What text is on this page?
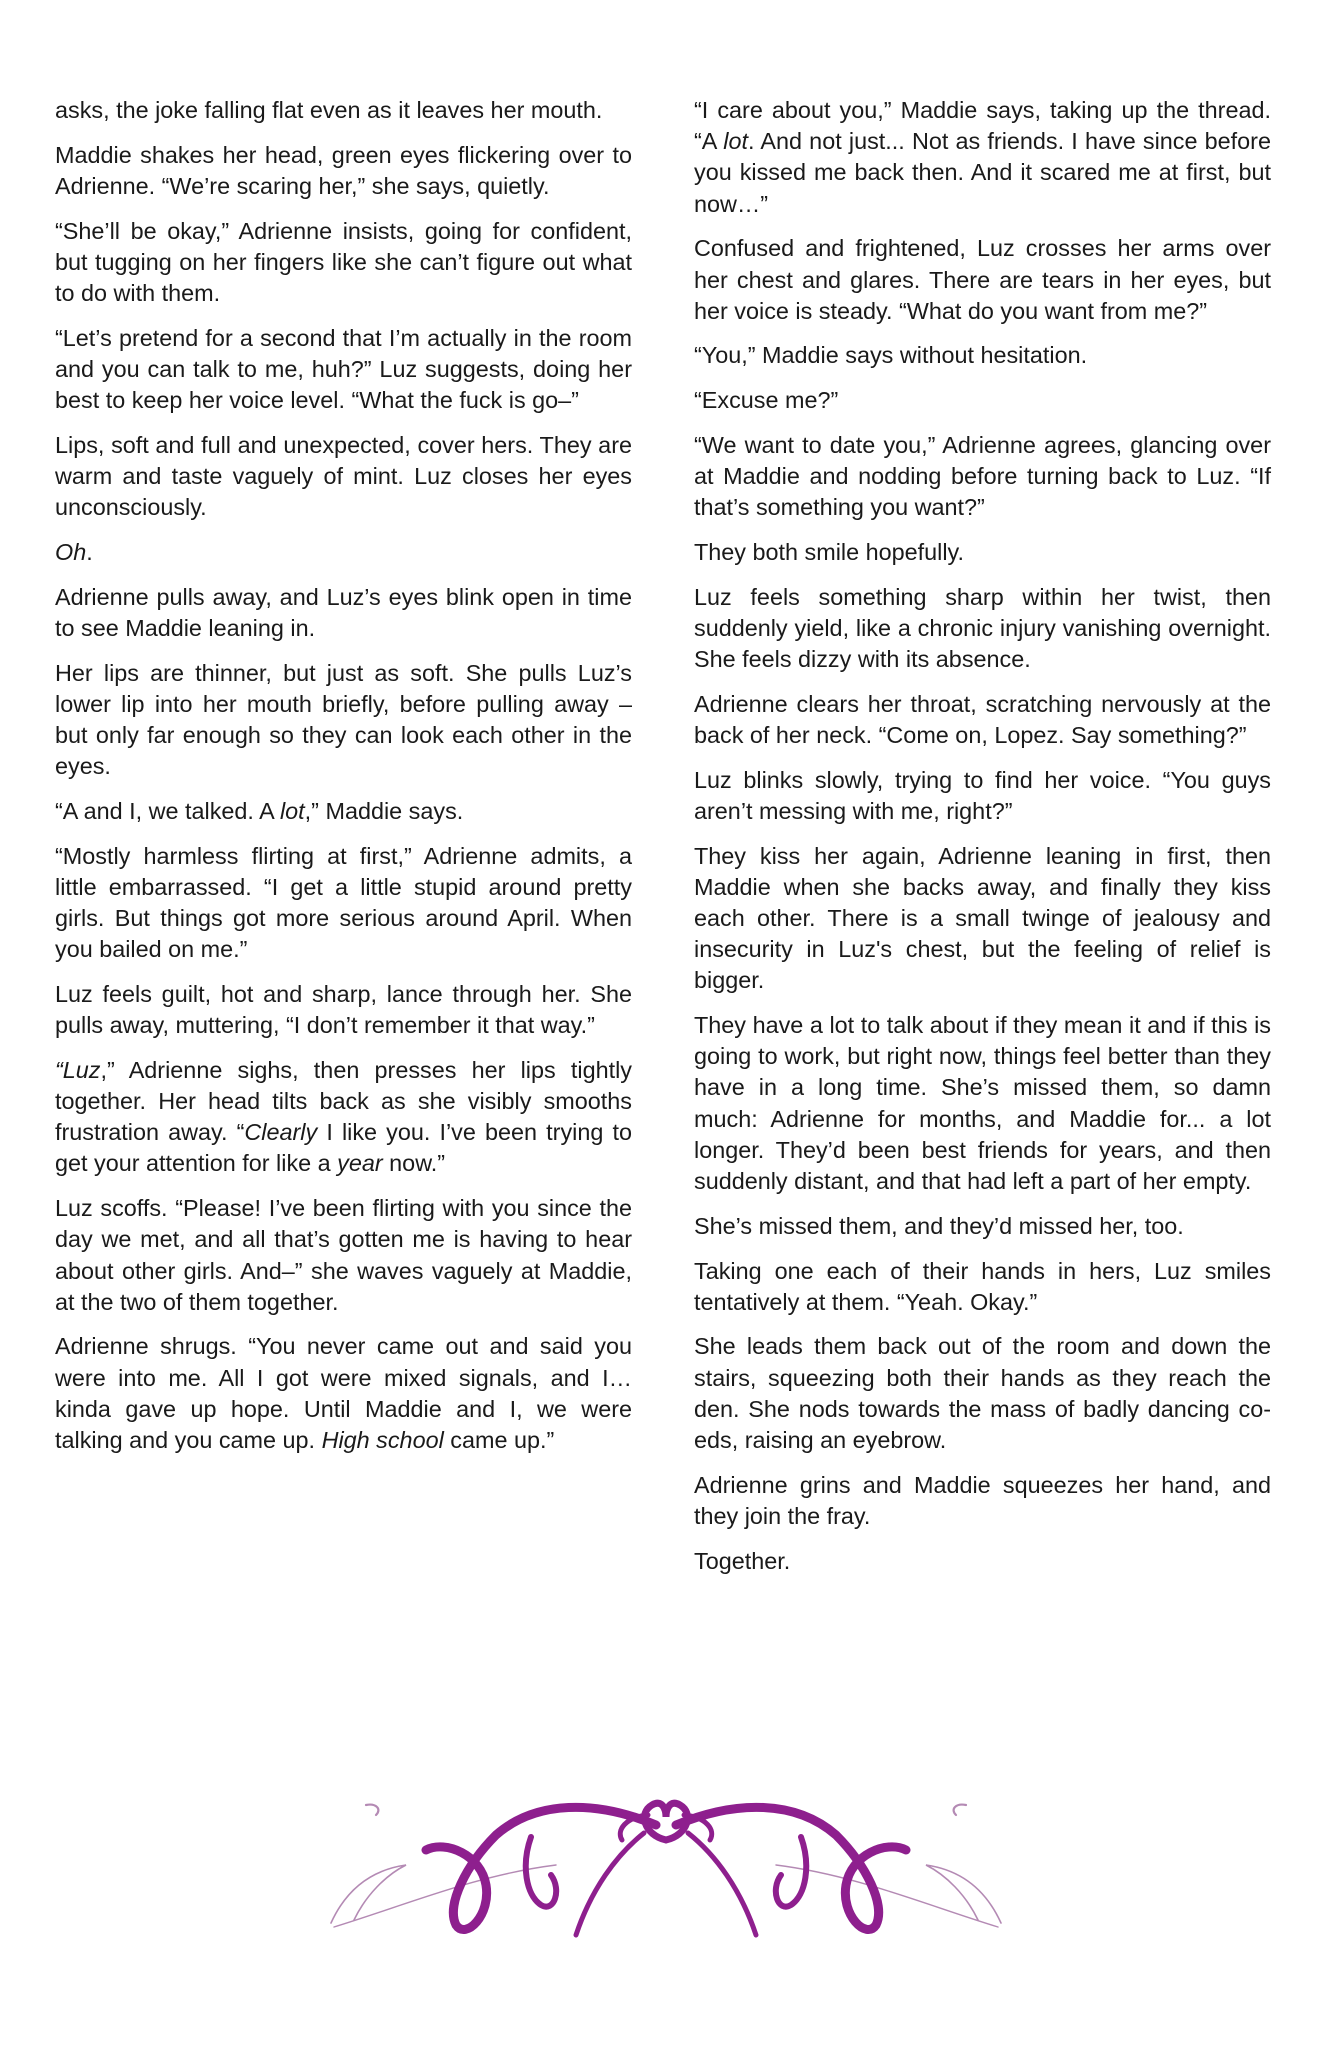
asks, the joke falling flat even as it leaves her mouth.

Maddie shakes her head, green eyes flickering over to Adrienne. “We’re scaring her,” she says, quietly.

“She’ll be okay,” Adrienne insists, going for confident, but tugging on her fingers like she can’t figure out what to do with them.

“Let’s pretend for a second that I’m actually in the room and you can talk to me, huh?” Luz suggests, doing her best to keep her voice level. “What the fuck is go–”

Lips, soft and full and unexpected, cover hers. They are warm and taste vaguely of mint. Luz closes her eyes unconsciously.

Oh.

Adrienne pulls away, and Luz’s eyes blink open in time to see Maddie leaning in.

Her lips are thinner, but just as soft. She pulls Luz’s lower lip into her mouth briefly, before pulling away – but only far enough so they can look each other in the eyes.

“A and I, we talked. A lot,” Maddie says.

“Mostly harmless flirting at first,” Adrienne admits, a little embarrassed. “I get a little stupid around pretty girls. But things got more serious around April. When you bailed on me.”

Luz feels guilt, hot and sharp, lance through her. She pulls away, muttering, “I don’t remember it that way.”

“Luz,” Adrienne sighs, then presses her lips tightly together. Her head tilts back as she visibly smooths frustration away. “Clearly I like you. I’ve been trying to get your attention for like a year now.”

Luz scoffs. “Please! I’ve been flirting with you since the day we met, and all that’s gotten me is having to hear about other girls. And–” she waves vaguely at Maddie, at the two of them together.

Adrienne shrugs. “You never came out and said you were into me. All I got were mixed signals, and I… kinda gave up hope. Until Maddie and I, we were talking and you came up. High school came up.”

“I care about you,” Maddie says, taking up the thread. “A lot. And not just... Not as friends. I have since before you kissed me back then. And it scared me at first, but now…”

Confused and frightened, Luz crosses her arms over her chest and glares. There are tears in her eyes, but her voice is steady. “What do you want from me?”

“You,” Maddie says without hesitation.

“Excuse me?”

“We want to date you,” Adrienne agrees, glancing over at Maddie and nodding before turning back to Luz. “If that’s something you want?”

They both smile hopefully.

Luz feels something sharp within her twist, then suddenly yield, like a chronic injury vanishing overnight. She feels dizzy with its absence.

Adrienne clears her throat, scratching nervously at the back of her neck. “Come on, Lopez. Say something?”

Luz blinks slowly, trying to find her voice. “You guys aren’t messing with me, right?”

They kiss her again, Adrienne leaning in first, then Maddie when she backs away, and finally they kiss each other. There is a small twinge of jealousy and insecurity in Luz's chest, but the feeling of relief is bigger.

They have a lot to talk about if they mean it and if this is going to work, but right now, things feel better than they have in a long time. She’s missed them, so damn much: Adrienne for months, and Maddie for... a lot longer. They’d been best friends for years, and then suddenly distant, and that had left a part of her empty.

She’s missed them, and they’d missed her, too.

Taking one each of their hands in hers, Luz smiles tentatively at them. “Yeah. Okay.”

She leads them back out of the room and down the stairs, squeezing both their hands as they reach the den. She nods towards the mass of badly dancing co-eds, raising an eyebrow.

Adrienne grins and Maddie squeezes her hand, and they join the fray.

Together.
